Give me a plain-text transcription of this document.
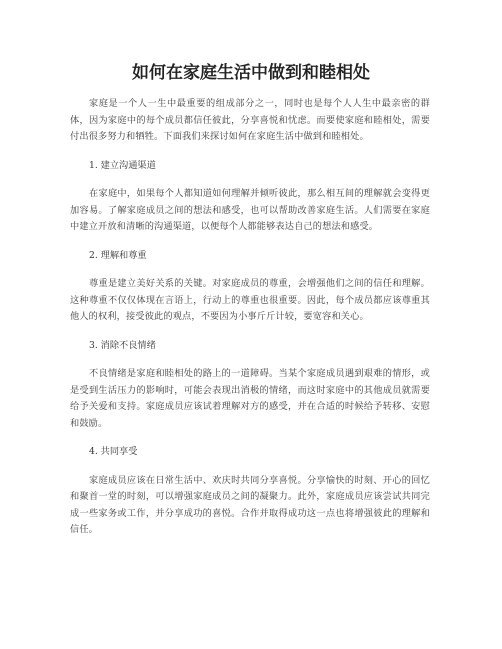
如何在家庭生活中做到和睦相处

家庭是一个人一生中最重要的组成部分之一，同时也是每个人人生中最亲密的群体，因为家庭中的每个成员都信任彼此，分享喜悦和忧虑。而要使家庭和睦相处，需要付出很多努力和牺牲。下面我们来探讨如何在家庭生活中做到和睦相处。

1. 建立沟通渠道

在家庭中，如果每个人都知道如何理解并倾听彼此，那么相互间的理解就会变得更加容易。了解家庭成员之间的想法和感受，也可以帮助改善家庭生活。人们需要在家庭中建立开放和清晰的沟通渠道，以便每个人都能够表达自己的想法和感受。

2. 理解和尊重

尊重是建立美好关系的关键。对家庭成员的尊重，会增强他们之间的信任和理解。这种尊重不仅仅体现在言语上，行动上的尊重也很重要。因此，每个成员都应该尊重其他人的权利，接受彼此的观点，不要因为小事斤斤计较，要宽容和关心。

3. 消除不良情绪

不良情绪是家庭和睦相处的路上的一道障碍。当某个家庭成员遇到艰难的情形，或是受到生活压力的影响时，可能会表现出消极的情绪，而这时家庭中的其他成员就需要给予关爱和支持。家庭成员应该试着理解对方的感受，并在合适的时候给予转移、安慰和鼓励。

4. 共同享受

家庭成员应该在日常生活中、欢庆时共同分享喜悦。分享愉快的时刻、开心的回忆和聚首一堂的时刻，可以增强家庭成员之间的凝聚力。此外，家庭成员应该尝试共同完成一些家务或工作，并分享成功的喜悦。合作并取得成功这一点也将增强彼此的理解和信任。
